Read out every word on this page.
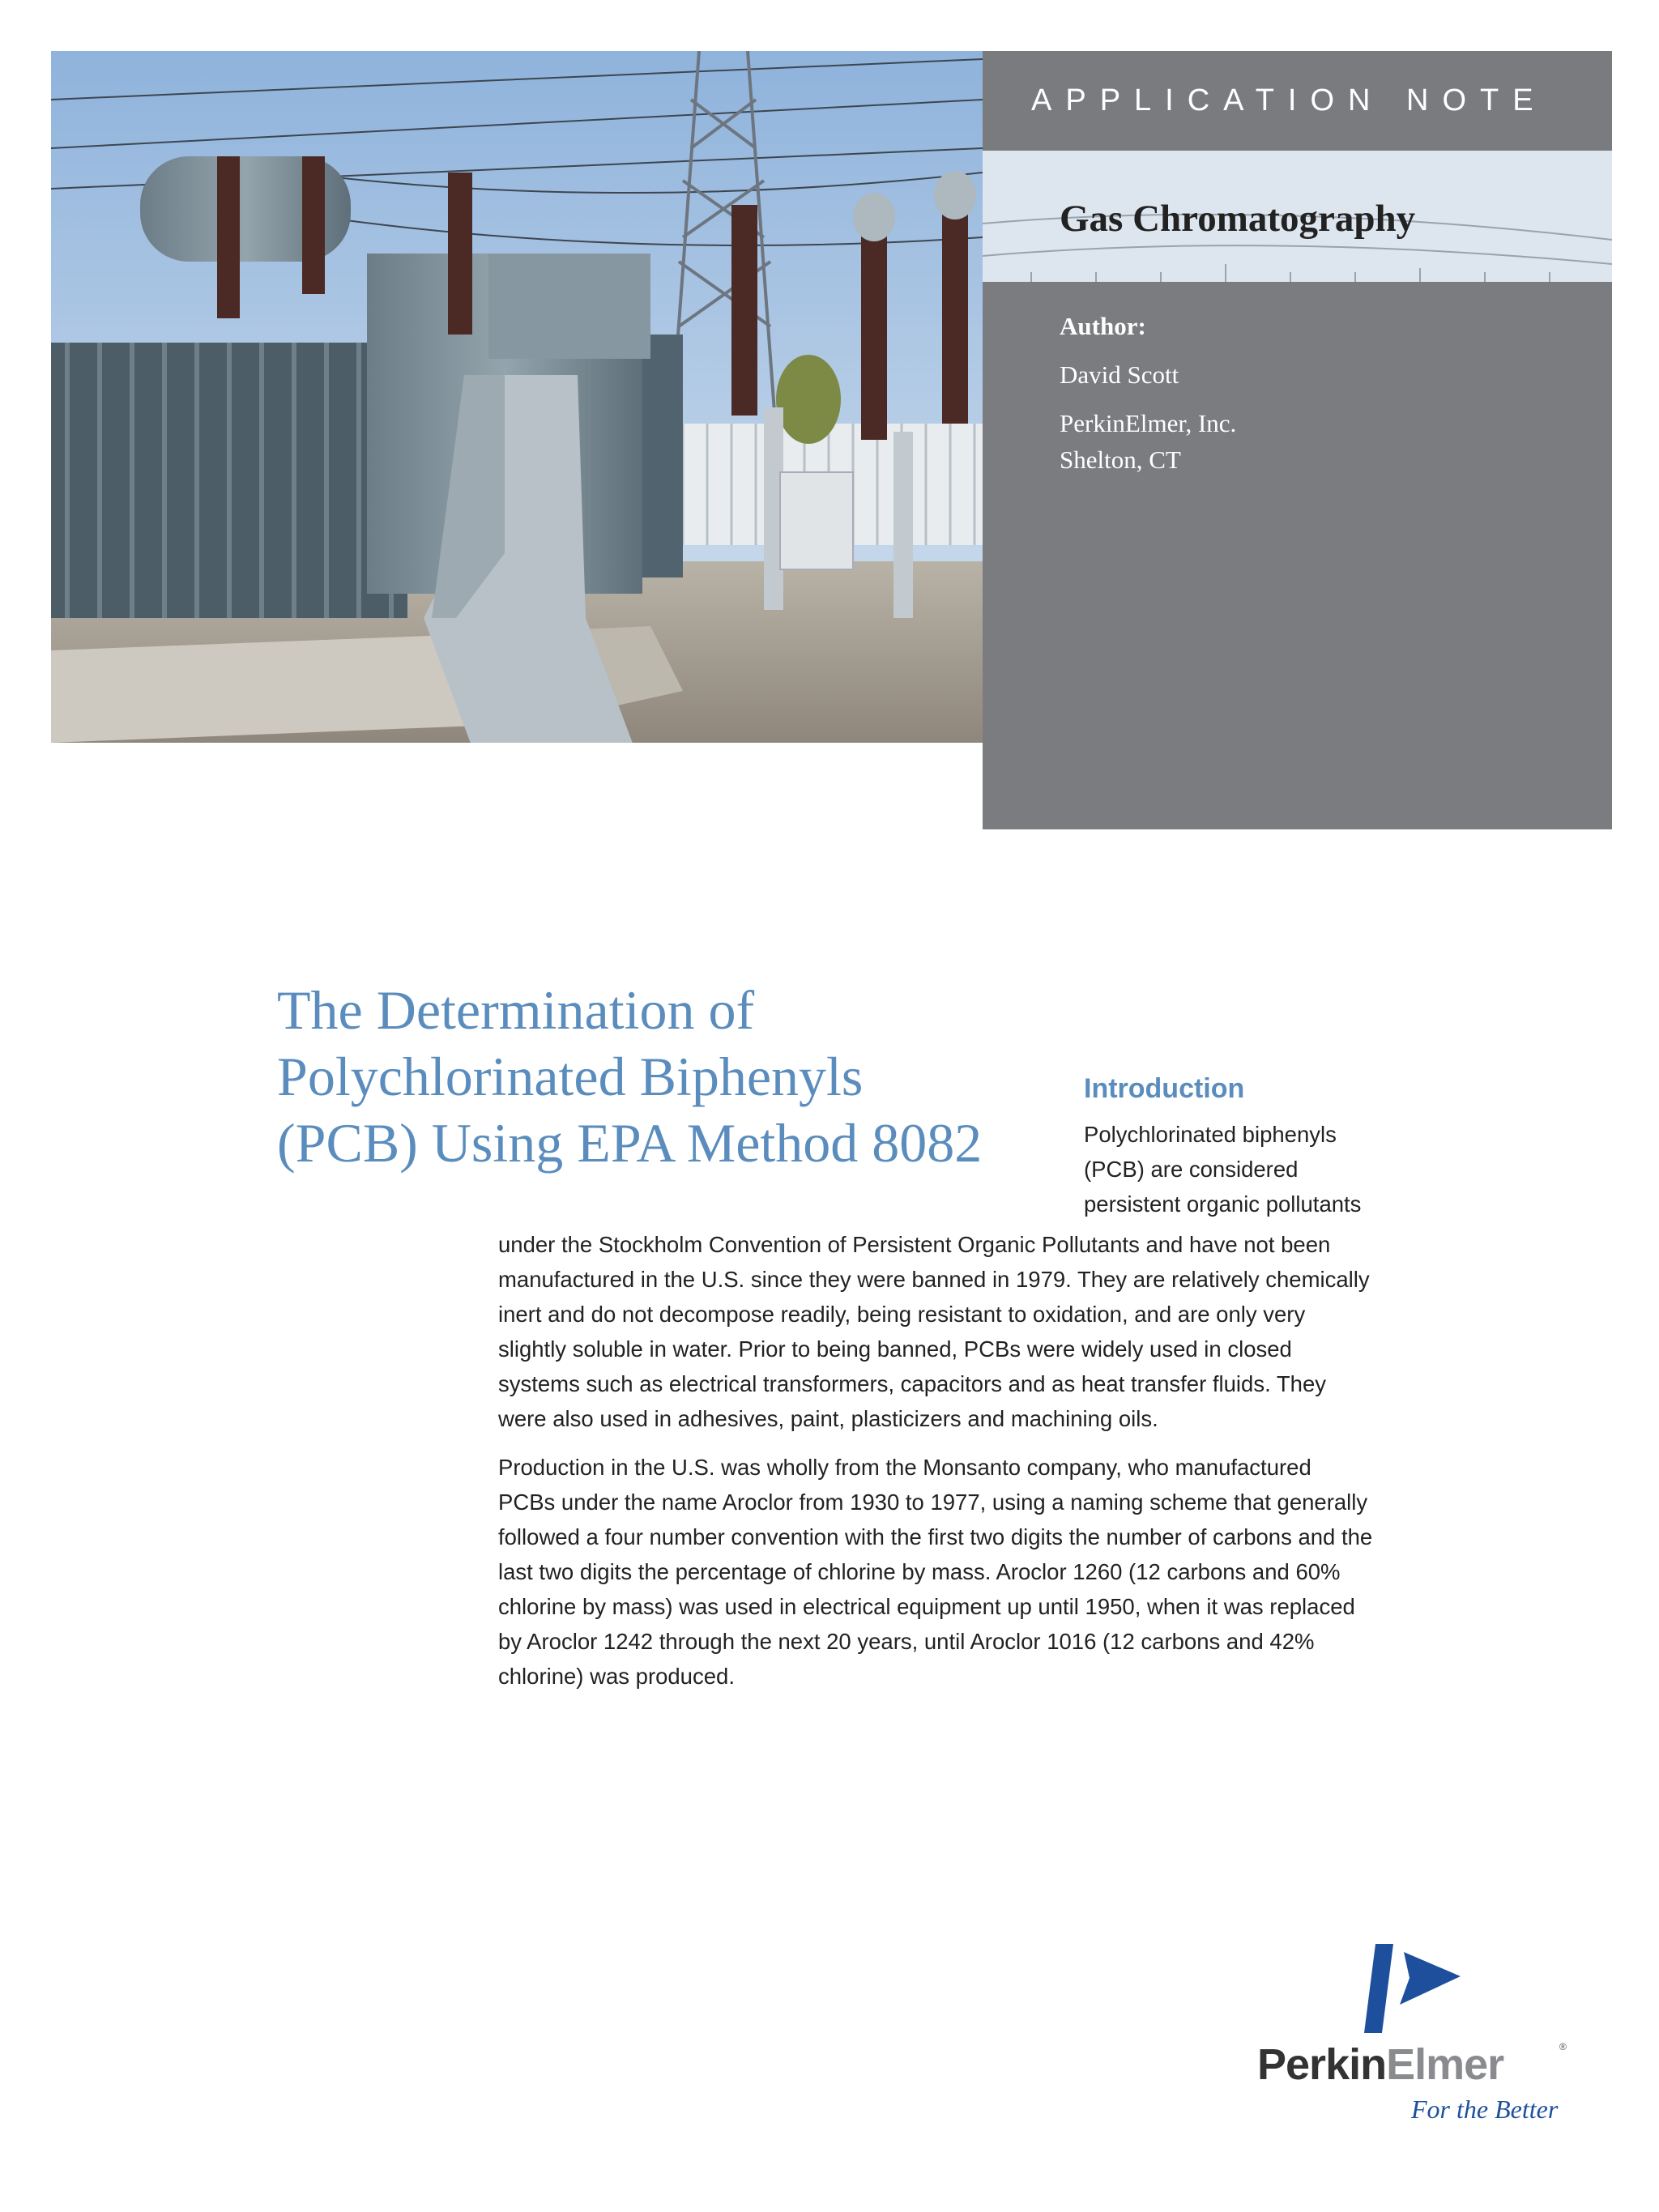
APPLICATION NOTE
Gas Chromatography
Author:
David Scott
PerkinElmer, Inc.
Shelton, CT
The Determination of
Polychlorinated Biphenyls
(PCB) Using EPA Method 8082
Introduction
Polychlorinated biphenyls
(PCB) are considered
persistent organic pollutants
under the Stockholm Convention of Persistent Organic Pollutants and have not been manufactured in the U.S. since they were banned in 1979. They are relatively chemically inert and do not decompose readily, being resistant to oxidation, and are only very slightly soluble in water. Prior to being banned, PCBs were widely used in closed systems such as electrical transformers, capacitors and as heat transfer fluids. They were also used in adhesives, paint, plasticizers and machining oils.
Production in the U.S. was wholly from the Monsanto company, who manufactured PCBs under the name Aroclor from 1930 to 1977, using a naming scheme that generally followed a four number convention with the first two digits the number of carbons and the last two digits the percentage of chlorine by mass. Aroclor 1260 (12 carbons and 60% chlorine by mass) was used in electrical equipment up until 1950, when it was replaced by Aroclor 1242 through the next 20 years, until Aroclor 1016 (12 carbons and 42% chlorine) was produced.
PerkinElmer	®
For the Better
